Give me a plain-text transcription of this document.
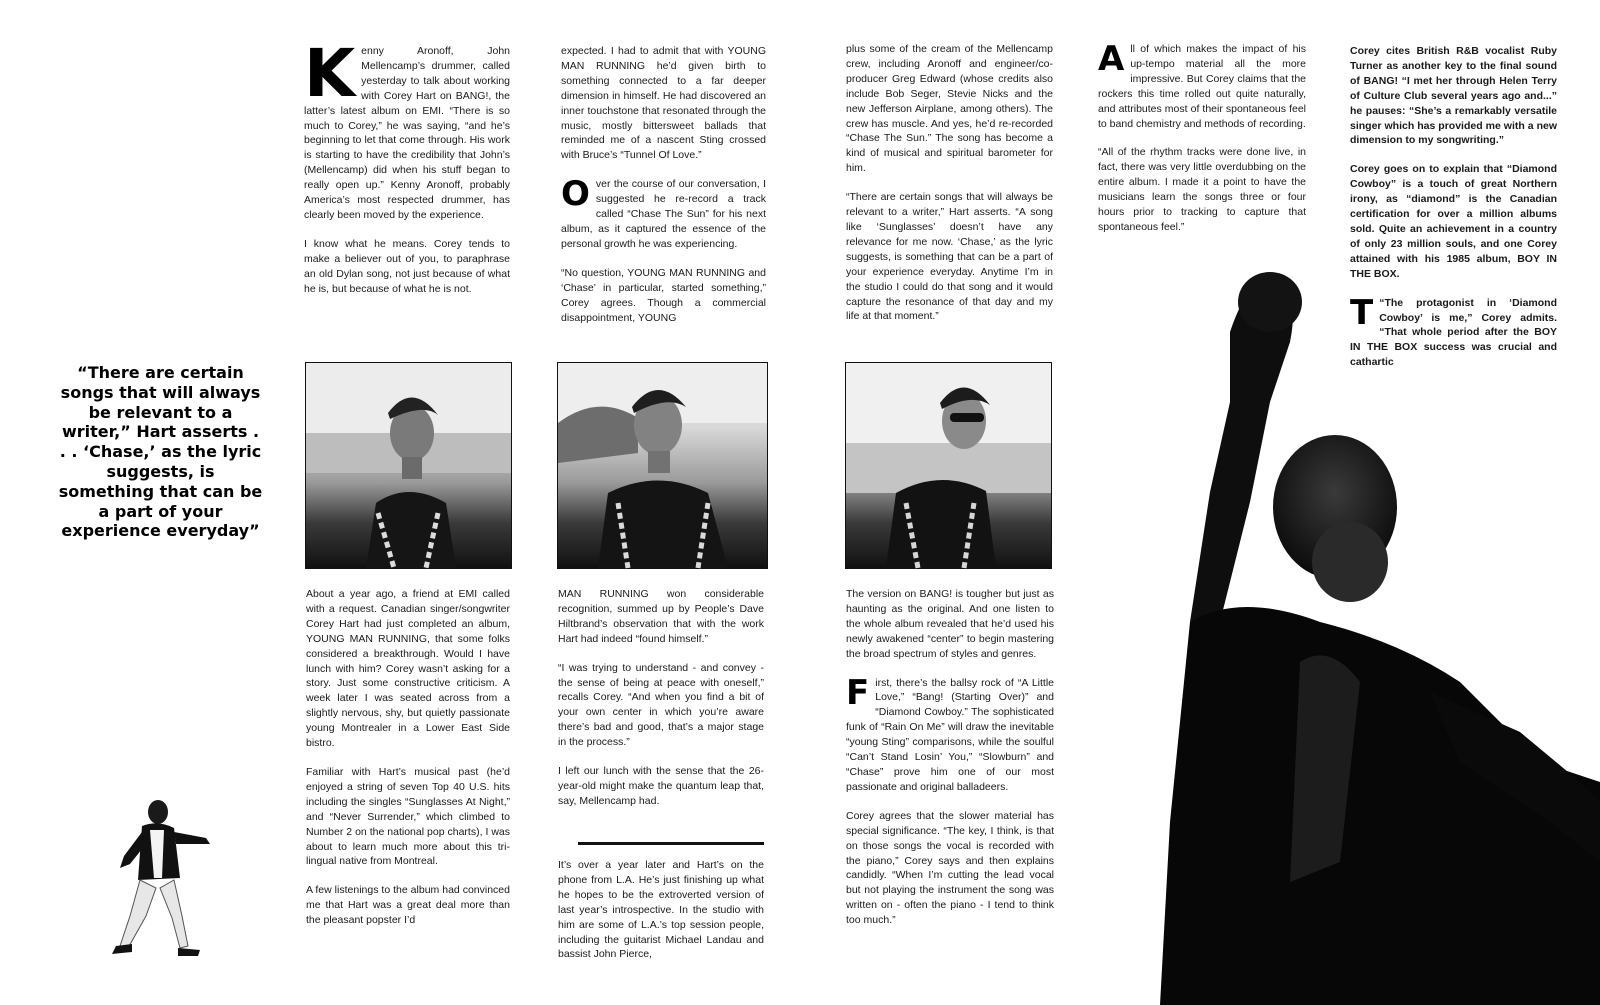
“There are certain songs that will always be relevant to a writer,” Hart asserts . . . ‘Chase,’ as the lyric suggests, is something that can be a part of your experience everyday”

Kenny Aronoff, John Mellencamp’s drummer, called yesterday to talk about working with Corey Hart on BANG!, the latter’s latest album on EMI. “There is so much to Corey,” he was saying, “and he’s beginning to let that come through. His work is starting to have the credibility that John’s (Mellencamp) did when his stuff began to really open up.” Kenny Aronoff, probably America’s most respected drummer, has clearly been moved by the experience.

I know what he means. Corey tends to make a believer out of you, to paraphrase an old Dylan song, not just because of what he is, but because of what he is not.

expected. I had to admit that with YOUNG MAN RUNNING he’d given birth to something connected to a far deeper dimension in himself. He had discovered an inner touchstone that resonated through the music, mostly bittersweet ballads that reminded me of a nascent Sting crossed with Bruce’s “Tunnel Of Love.”

Over the course of our conversation, I suggested he re-record a track called “Chase The Sun” for his next album, as it captured the essence of the personal growth he was experiencing.

“No question, YOUNG MAN RUNNING and ‘Chase’ in particular, started something,” Corey agrees. Though a commercial disappointment, YOUNG

plus some of the cream of the Mellencamp crew, including Aronoff and engineer/co-producer Greg Edward (whose credits also include Bob Seger, Stevie Nicks and the new Jefferson Airplane, among others). The crew has muscle. And yes, he’d re-recorded “Chase The Sun.” The song has become a kind of musical and spiritual barometer for him.

“There are certain songs that will always be relevant to a writer,” Hart asserts. “A song like ‘Sunglasses’ doesn’t have any relevance for me now. ‘Chase,’ as the lyric suggests, is something that can be a part of your experience everyday. Anytime I’m in the studio I could do that song and it would capture the resonance of that day and my life at that moment.”

All of which makes the impact of his up-tempo material all the more impressive. But Corey claims that the rockers this time rolled out quite naturally, and attributes most of their spontaneous feel to band chemistry and methods of recording.

“All of the rhythm tracks were done live, in fact, there was very little overdubbing on the entire album. I made it a point to have the musicians learn the songs three or four hours prior to tracking to capture that spontaneous feel.”

Corey cites British R&B vocalist Ruby Turner as another key to the final sound of BANG! “I met her through Helen Terry of Culture Club several years ago and...” he pauses: “She’s a remarkably versatile singer which has provided me with a new dimension to my songwriting.”

Corey goes on to explain that “Diamond Cowboy” is a touch of great Northern irony, as “diamond” is the Canadian certification for over a million albums sold. Quite an achievement in a country of only 23 million souls, and one Corey attained with his 1985 album, BOY IN THE BOX.

T “The protagonist in ‘Diamond Cowboy’ is me,” Corey admits. “That whole period after the BOY IN THE BOX success was crucial and cathartic

About a year ago, a friend at EMI called with a request. Canadian singer/songwriter Corey Hart had just completed an album, YOUNG MAN RUNNING, that some folks considered a breakthrough. Would I have lunch with him? Corey wasn’t asking for a story. Just some constructive criticism. A week later I was seated across from a slightly nervous, shy, but quietly passionate young Montrealer in a Lower East Side bistro.

Familiar with Hart’s musical past (he’d enjoyed a string of seven Top 40 U.S. hits including the singles “Sunglasses At Night,” and “Never Surrender,” which climbed to Number 2 on the national pop charts), I was about to learn much more about this tri-lingual native from Montreal.

A few listenings to the album had convinced me that Hart was a great deal more than the pleasant popster I’d

MAN RUNNING won considerable recognition, summed up by People’s Dave Hiltbrand’s observation that with the work Hart had indeed “found himself.”

“I was trying to understand - and convey - the sense of being at peace with oneself,” recalls Corey. “And when you find a bit of your own center in which you’re aware there’s bad and good, that’s a major stage in the process.”

I left our lunch with the sense that the 26-year-old might make the quantum leap that, say, Mellencamp had.

It’s over a year later and Hart’s on the phone from L.A. He’s just finishing up what he hopes to be the extroverted version of last year’s introspective. In the studio with him are some of L.A.’s top session people, including the guitarist Michael Landau and bassist John Pierce,

The version on BANG! is tougher but just as haunting as the original. And one listen to the whole album revealed that he’d used his newly awakened “center” to begin mastering the broad spectrum of styles and genres.

First, there’s the ballsy rock of “A Little Love,” “Bang! (Starting Over)” and “Diamond Cowboy.” The sophisticated funk of “Rain On Me” will draw the inevitable “young Sting” comparisons, while the soulful “Can’t Stand Losin’ You,” “Slowburn” and “Chase” prove him one of our most passionate and original balladeers.

Corey agrees that the slower material has special significance. “The key, I think, is that on those songs the vocal is recorded with the piano,” Corey says and then explains candidly. “When I’m cutting the lead vocal but not playing the instrument the song was written on - often the piano - I tend to think too much.”
